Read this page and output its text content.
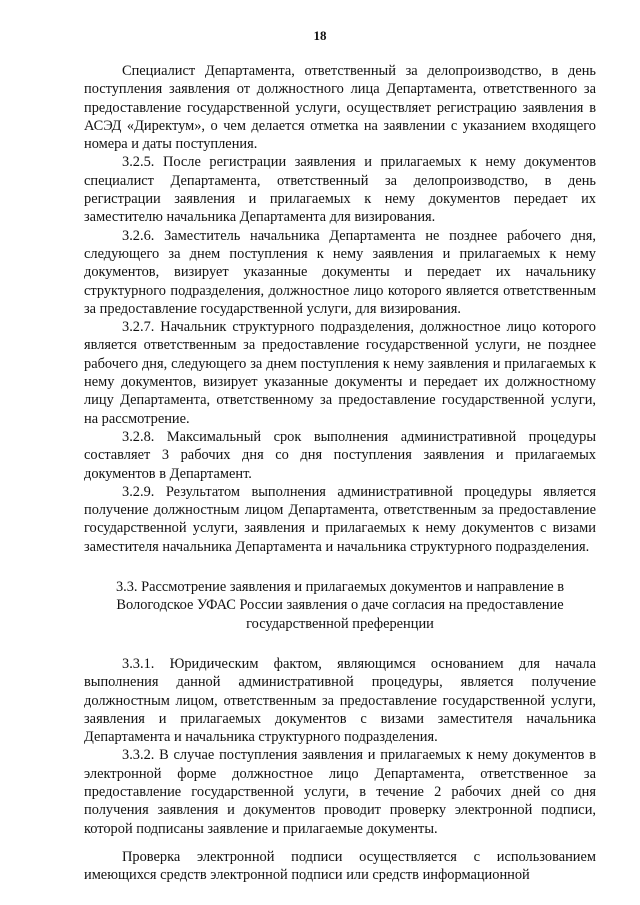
18

Специалист Департамента, ответственный за делопроизводство, в день поступления заявления от должностного лица Департамента, ответственного за предоставление государственной услуги, осуществляет регистрацию заявления в АСЭД «Директум», о чем делается отметка на заявлении с указанием входящего номера и даты поступления.

3.2.5. После регистрации заявления и прилагаемых к нему документов специалист Департамента, ответственный за делопроизводство, в день регистрации заявления и прилагаемых к нему документов передает их заместителю начальника Департамента для визирования.

3.2.6. Заместитель начальника Департамента не позднее рабочего дня, следующего за днем поступления к нему заявления и прилагаемых к нему документов, визирует указанные документы и передает их начальнику структурного подразделения, должностное лицо которого является ответственным за предоставление государственной услуги, для визирования.

3.2.7. Начальник структурного подразделения, должностное лицо которого является ответственным за предоставление государственной услуги, не позднее рабочего дня, следующего за днем поступления к нему заявления и прилагаемых к нему документов, визирует указанные документы и передает их должностному лицу Департамента, ответственному за предоставление государственной услуги, на рассмотрение.

3.2.8. Максимальный срок выполнения административной процедуры составляет 3 рабочих дня со дня поступления заявления и прилагаемых документов в Департамент.

3.2.9. Результатом выполнения административной процедуры является получение должностным лицом Департамента, ответственным за предоставление государственной услуги, заявления и прилагаемых к нему документов с визами заместителя начальника Департамента и начальника структурного подразделения.

3.3. Рассмотрение заявления и прилагаемых документов и направление в Вологодское УФАС России заявления о даче согласия на предоставление государственной преференции

3.3.1. Юридическим фактом, являющимся основанием для начала выполнения данной административной процедуры, является получение должностным лицом, ответственным за предоставление государственной услуги, заявления и прилагаемых документов с визами заместителя начальника Департамента и начальника структурного подразделения.

3.3.2. В случае поступления заявления и прилагаемых к нему документов в электронной форме должностное лицо Департамента, ответственное за предоставление государственной услуги, в течение 2 рабочих дней со дня получения заявления и документов проводит проверку электронной подписи, которой подписаны заявление и прилагаемые документы.

Проверка электронной подписи осуществляется с использованием имеющихся средств электронной подписи или средств информационной
